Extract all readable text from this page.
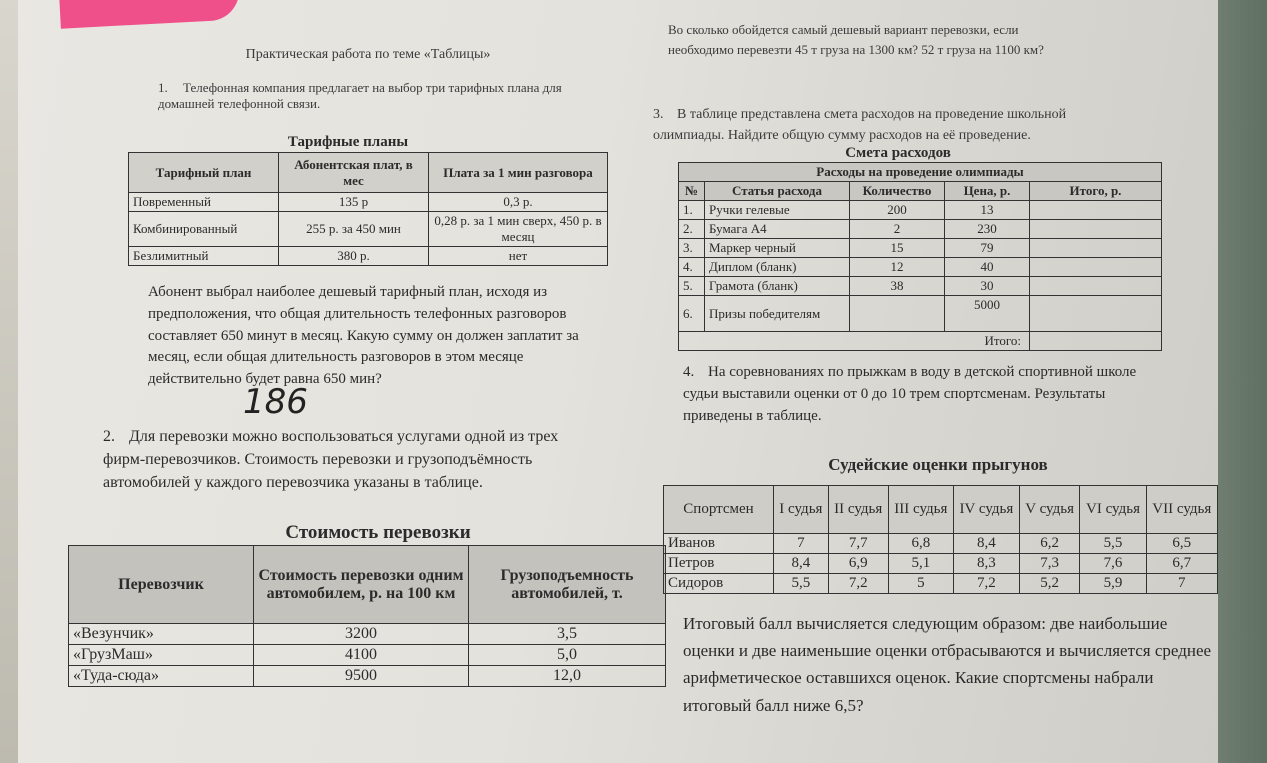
Практическая работа по теме «Таблицы»
1. Телефонная компания предлагает на выбор три тарифных плана для домашней телефонной связи.
Тарифные планы
Тарифный план	Абонентская плат, в мес	Плата за 1 мин разговора
Повременный	135 р	0,3 р.
Комбинированный	255 р. за 450 мин	0,28 р. за 1 мин сверх, 450 р. в месяц
Безлимитный	380 р.	нет
Абонент выбрал наиболее дешевый тарифный план, исходя из предположения, что общая длительность телефонных разговоров составляет 650 минут в месяц. Какую сумму он должен заплатит за месяц, если общая длительность разговоров в этом месяце действительно будет равна 650 мин?
186
2. Для перевозки можно воспользоваться услугами одной из трех фирм-перевозчиков. Стоимость перевозки и грузоподъёмность автомобилей у каждого перевозчика указаны в таблице.
Стоимость перевозки
Перевозчик	Стоимость перевозки одним автомобилем, р. на 100 км	Грузоподъемность автомобилей, т.
«Везунчик»	3200	3,5
«ГрузМаш»	4100	5,0
«Туда-сюда»	9500	12,0
Во сколько обойдется самый дешевый вариант перевозки, если необходимо перевезти 45 т груза на 1300 км? 52 т груза на 1100 км?
3. В таблице представлена смета расходов на проведение школьной олимпиады. Найдите общую сумму расходов на её проведение.
Смета расходов
Расходы на проведение олимпиады				
№	Статья расхода	Количество	Цена, р.	Итого, р.
1.	Ручки гелевые	200	13	
2.	Бумага А4	2	230	
3.	Маркер черный	15	79	
4.	Диплом (бланк)	12	40	
5.	Грамота (бланк)	38	30	
6.	Призы победителям		5000	
Итого:				
4. На соревнованиях по прыжкам в воду в детской спортивной школе судьи выставили оценки от 0 до 10 трем спортсменам. Результаты приведены в таблице.
Судейские оценки прыгунов
Спортсмен	I судья	II судья	III судья	IV судья	V судья	VI судья	VII судья
Иванов	7	7,7	6,8	8,4	6,2	5,5	6,5
Петров	8,4	6,9	5,1	8,3	7,3	7,6	6,7
Сидоров	5,5	7,2	5	7,2	5,2	5,9	7
Итоговый балл вычисляется следующим образом: две наибольшие оценки и две наименьшие оценки отбрасываются и вычисляется среднее арифметическое оставшихся оценок. Какие спортсмены набрали итоговый балл ниже 6,5?
